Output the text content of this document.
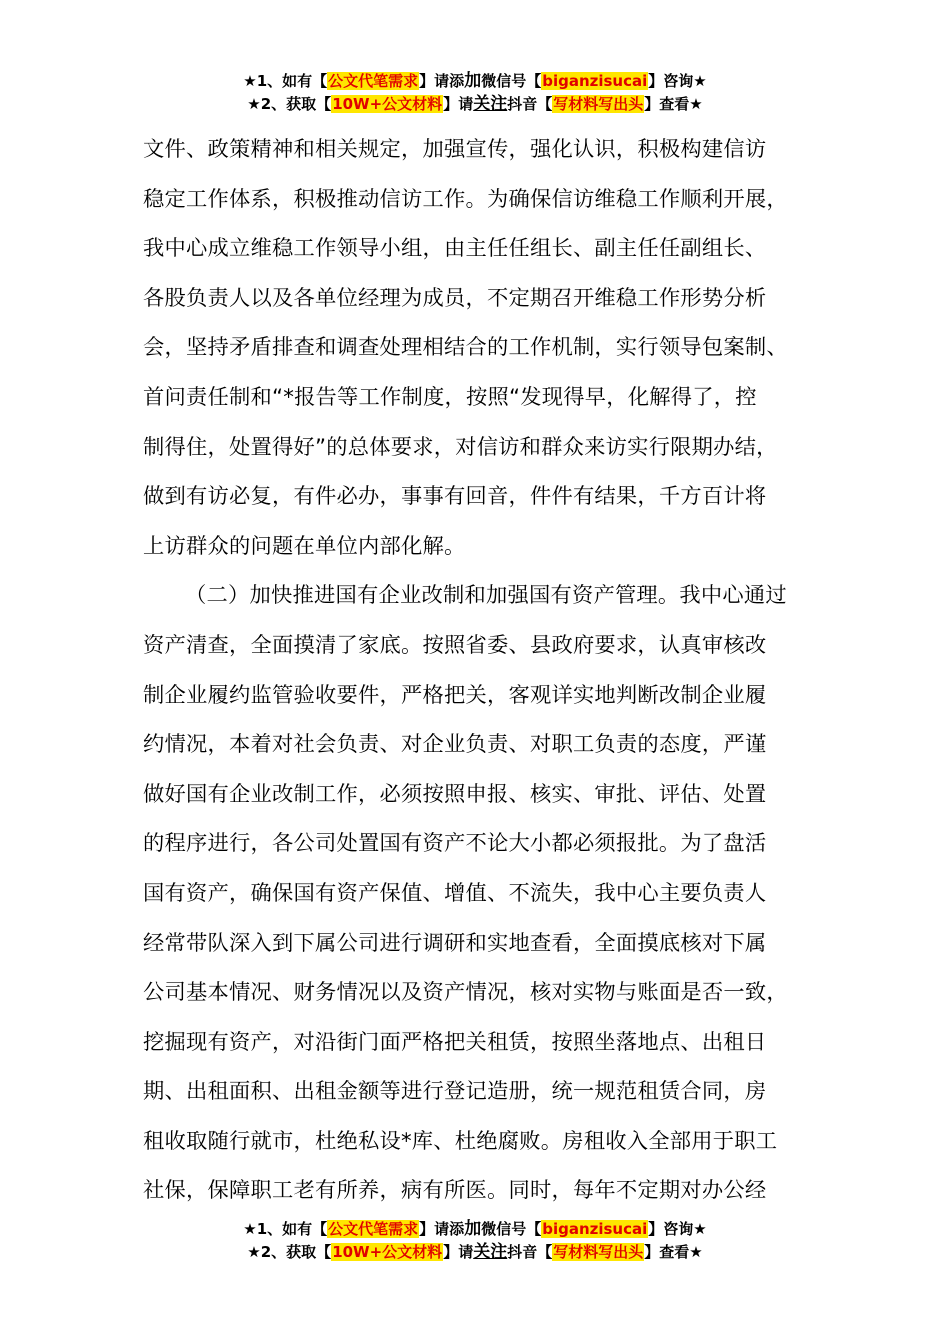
★1、如有【公文代笔需求】请添加微信号【biganzisucai】咨询★
★2、获取【10W+公文材料】请关注抖音【写材料写出头】查看★

文件、政策精神和相关规定，加强宣传，强化认识，积极构建信访
稳定工作体系，积极推动信访工作。为确保信访维稳工作顺利开展，
我中心成立维稳工作领导小组，由主任任组长、副主任任副组长、
各股负责人以及各单位经理为成员，不定期召开维稳工作形势分析
会，坚持矛盾排查和调查处理相结合的工作机制，实行领导包案制、
首问责任制和“*报告等工作制度，按照“发现得早，化解得了，控
制得住，处置得好”的总体要求，对信访和群众来访实行限期办结，
做到有访必复，有件必办，事事有回音，件件有结果，千方百计将
上访群众的问题在单位内部化解。

（二）加快推进国有企业改制和加强国有资产管理。我中心通过
资产清查，全面摸清了家底。按照省委、县政府要求，认真审核改
制企业履约监管验收要件，严格把关，客观详实地判断改制企业履
约情况，本着对社会负责、对企业负责、对职工负责的态度，严谨
做好国有企业改制工作，必须按照申报、核实、审批、评估、处置
的程序进行，各公司处置国有资产不论大小都必须报批。为了盘活
国有资产，确保国有资产保值、增值、不流失，我中心主要负责人
经常带队深入到下属公司进行调研和实地查看，全面摸底核对下属
公司基本情况、财务情况以及资产情况，核对实物与账面是否一致，
挖掘现有资产，对沿街门面严格把关租赁，按照坐落地点、出租日
期、出租面积、出租金额等进行登记造册，统一规范租赁合同，房
租收取随行就市，杜绝私设*库、杜绝腐败。房租收入全部用于职工
社保，保障职工老有所养，病有所医。同时，每年不定期对办公经

★1、如有【公文代笔需求】请添加微信号【biganzisucai】咨询★
★2、获取【10W+公文材料】请关注抖音【写材料写出头】查看★
